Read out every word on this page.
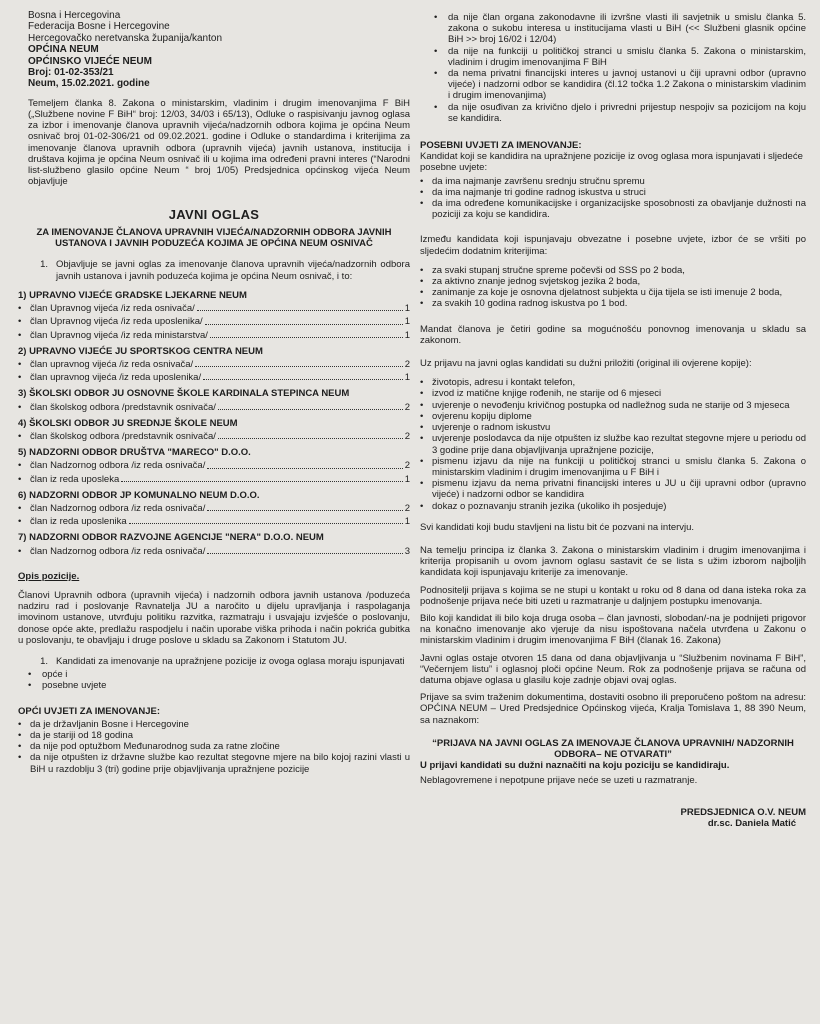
Bosna i Hercegovina
Federacija Bosne i Hercegovine
Hercegovačko neretvanska županija/kanton
OPĆINA NEUM
OPĆINSKO VIJEĆE NEUM
Broj: 01-02-353/21
Neum, 15.02.2021. godine
Temeljem članka 8. Zakona o ministarskim, vladinim i drugim imenovanjima F BiH („Službene novine F BiH“ broj: 12/03, 34/03 i 65/13), Odluke o raspisivanju javnog oglasa za izbor i imenovanje članova upravnih vijeća/nadzornih odbora kojima je općina Neum osnivač broj 01-02-306/21 od 09.02.2021. godine i Odluke o standardima i kriterijima za imenovanje članova upravnih odbora (upravnih vijeća) javnih ustanova, institucija i društava kojima je općina Neum osnivač ili u kojima ima određeni pravni interes (“Narodni list-službeno glasilo općine Neum “ broj 1/05) Predsjednica općinskog vijeća Neum objavljuje
JAVNI OGLAS
ZA IMENOVANJE ČLANOVA UPRAVNIH VIJEĆA/NADZORNIH ODBORA JAVNIH USTANOVA I JAVNIH PODUZEĆA KOJIMA JE OPĆINA NEUM OSNIVAČ
1. Objavljuje se javni oglas za imenovanje članova upravnih vijeća/nadzornih odbora javnih ustanova i javnih poduzeća kojima je općina Neum osnivač, i to:
1) UPRAVNO VIJEĆE GRADSKE LJEKARNE NEUM
• član Upravnog vijeća /iz reda osnivača/	1
• član Upravnog vijeća /iz reda uposlenika/	1
• član Upravnog vijeća /iz reda ministarstva/	1
2) UPRAVNO VIJEĆE JU SPORTSKOG CENTRA NEUM
• član upravnog vijeća /iz reda osnivača/	2
• član upravnog vijeća /iz reda uposlenika/	1
3) ŠKOLSKI ODBOR JU OSNOVNE ŠKOLE KARDINALA STEPINCA NEUM
• član školskog odbora /predstavnik osnivača/	2
4) ŠKOLSKI ODBOR JU SREDNJE ŠKOLE NEUM
• član školskog odbora /predstavnik osnivača/	2
5) NADZORNI ODBOR DRUŠTVA "MARECO" D.O.O.
• član Nadzornog odbora /iz reda osnivača/	2
• član iz reda uposleka	1
6) NADZORNI ODBOR JP KOMUNALNO NEUM D.O.O.
• član Nadzornog odbora /iz reda osnivača/	2
• član iz reda uposlenika	1
7) NADZORNI ODBOR RAZVOJNE AGENCIJE "NERA" D.O.O. NEUM
• član Nadzornog odbora /iz reda osnivača/	3
Opis pozicije.
Članovi Upravnih odbora (upravnih vijeća) i nadzornih odbora javnih ustanova /poduzeća nadziru rad i poslovanje Ravnatelja JU a naročito u dijelu upravljanja i raspolaganja imovinom ustanove, utvrđuju politiku razvitka, razmatraju i usvajaju izvješće o poslovanju, donose opće akte, predlažu raspodjelu i način uporabe viška prihoda i način pokrića gubitka u poslovanju, te obavljaju i druge poslove u skladu sa Zakonom i Statutom JU.
1. Kandidati za imenovanje na upražnjene pozicije iz ovoga oglasa moraju ispunjavati
• opće i
• posebne uvjete
OPĆI UVJETI ZA IMENOVANJE:
• da je državljanin Bosne i Hercegovine
• da je stariji od 18 godina
• da nije pod optužbom Međunarodnog suda za ratne zločine
• da nije otpušten iz državne službe kao rezultat stegovne mjere na bilo kojoj razini vlasti u BiH u razdoblju 3 (tri) godine prije objavljivanja upražnjene pozicije
• da nije član organa zakonodavne ili izvršne vlasti ili savjetnik u smislu članka 5. zakona o sukobu interesa u institucijama vlasti u BiH (<< Službeni glasnik općine BiH >> broj 16/02 i 12/04)
• da nije na funkciji u političkoj stranci u smislu članka 5. Zakona o ministarskim, vladinim i drugim imenovanjima F BiH
• da nema privatni financijski interes u javnoj ustanovi u čiji upravni odbor (upravno vijeće) i nadzorni odbor se kandidira (čl.12 točka 1.2 Zakona o ministarskim vladinim i drugim imenovanjima)
• da nije osuđivan za krivično djelo i privredni prijestup nespojiv sa pozicijom na koju se kandidira.
POSEBNI UVJETI ZA IMENOVANJE:
Kandidat koji se kandidira na upražnjene pozicije iz ovog oglasa mora ispunjavati i sljedeće posebne uvjete:
• da ima najmanje završenu srednju stručnu spremu
• da ima najmanje tri godine radnog iskustva u struci
• da ima određene komunikacijske i organizacijske sposobnosti za obavljanje dužnosti na poziciji za koju se kandidira.
Između kandidata koji ispunjavaju obvezatne i posebne uvjete, izbor će se vršiti po sljedećim dodatnim kriterijima:
• za svaki stupanj stručne spreme počevši od SSS po 2 boda,
• za aktivno znanje jednog svjetskog jezika 2 boda,
• zanimanje za koje je osnovna djelatnost subjekta u čija tijela se isti imenuje 2 boda,
• za svakih 10 godina radnog iskustva po 1 bod.
Mandat članova je četiri godine sa mogućnošću ponovnog imenovanja u skladu sa zakonom.
Uz prijavu na javni oglas kandidati su dužni priložiti (original ili ovjerene kopije):
• životopis, adresu i kontakt telefon,
• izvod iz matične knjige rođenih, ne starije od 6 mjeseci
• uvjerenje o nevođenju krivičnog postupka od nadležnog suda ne starije od 3 mjeseca
• ovjerenu kopiju diplome
• uvjerenje o radnom iskustvu
• uvjerenje poslodavca da nije otpušten iz službe kao rezultat stegovne mjere u periodu od 3 godine prije dana objavljivanja upražnjene pozicije,
• pismenu izjavu da nije na funkciji u političkoj stranci u smislu članka 5. Zakona o ministarskim vladinim i drugim imenovanjima u F BiH i
• pismenu izjavu da nema privatni financijski interes u JU u čiji upravni odbor (upravno vijeće) i nadzorni odbor se kandidira
• dokaz o poznavanju stranih jezika (ukoliko ih posjeduje)
Svi kandidati koji budu stavljeni na listu bit će pozvani na intervju.
Na temelju principa iz članka 3. Zakona o ministarskim vladinim i drugim imenovanjima i kriterija propisanih u ovom javnom oglasu sastavit će se lista s užim izborom najboljih kandidata koji ispunjavaju kriterije za imenovanje.
Podnositelji prijava s kojima se ne stupi u kontakt u roku od 8 dana od dana isteka roka za podnošenje prijava neće biti uzeti u razmatranje u daljnjem postupku imenovanja.
Bilo koji kandidat ili bilo koja druga osoba – član javnosti, slobodan/-na je podnijeti prigovor na konačno imenovanje ako vjeruje da nisu ispoštovana načela utvrđena u Zakonu o ministarskim vladinim i drugim imenovanjima F BiH (članak 16. Zakona)
Javni oglas ostaje otvoren 15 dana od dana objavljivanja u “Službenim novinama F BiH”, “Večernjem listu” i oglasnoj ploči općine Neum. Rok za podnošenje prijava se računa od datuma objave oglasa u glasilu koje zadnje objavi ovaj oglas.
Prijave sa svim traženim dokumentima, dostaviti osobno ili preporučeno poštom na adresu: OPĆINA NEUM – Ured Predsjednice Općinskog vijeća, Kralja Tomislava 1, 88 390 Neum, sa naznakom:
“PRIJAVA NA JAVNI OGLAS ZA IMENOVAJE ČLANOVA UPRAVNIH/ NADZORNIH ODBORA– NE OTVARATI”
U prijavi kandidati su dužni naznačiti na koju poziciju se kandidiraju.
Neblagovremene i nepotpune prijave neće se uzeti u razmatranje.
PREDSJEDNICA O.V. NEUM
dr.sc. Daniela Matić
